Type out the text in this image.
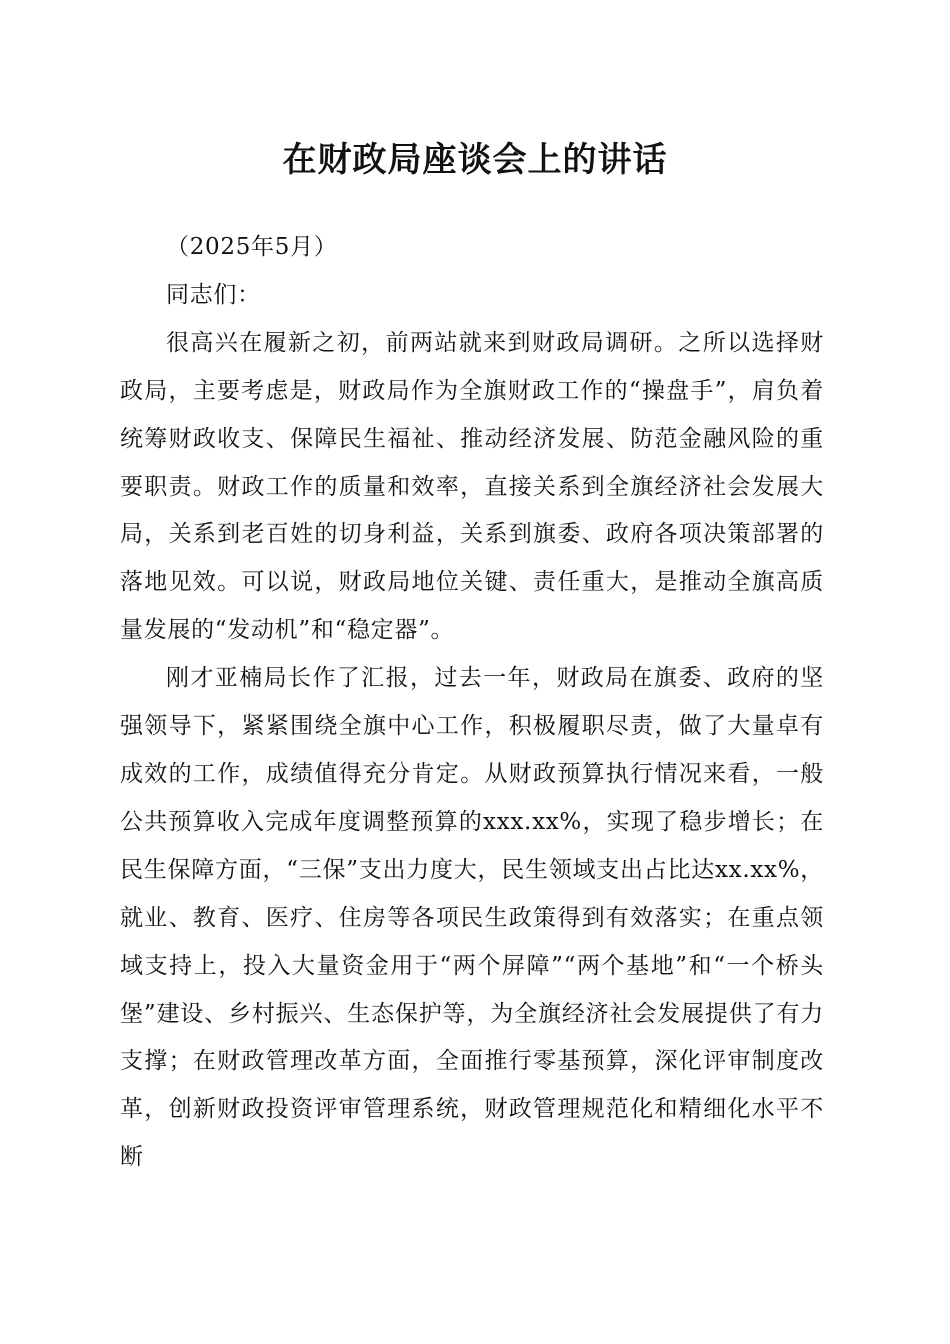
在财政局座谈会上的讲话

（2025年5月）

同志们：

很高兴在履新之初，前两站就来到财政局调研。之所以选择财政局，主要考虑是，财政局作为全旗财政工作的“操盘手”，肩负着统筹财政收支、保障民生福祉、推动经济发展、防范金融风险的重要职责。财政工作的质量和效率，直接关系到全旗经济社会发展大局，关系到老百姓的切身利益，关系到旗委、政府各项决策部署的落地见效。可以说，财政局地位关键、责任重大，是推动全旗高质量发展的“发动机”和“稳定器”。

刚才亚楠局长作了汇报，过去一年，财政局在旗委、政府的坚强领导下，紧紧围绕全旗中心工作，积极履职尽责，做了大量卓有成效的工作，成绩值得充分肯定。从财政预算执行情况来看，一般公共预算收入完成年度调整预算的xxx.xx%，实现了稳步增长；在民生保障方面，“三保”支出力度大，民生领域支出占比达xx.xx%，就业、教育、医疗、住房等各项民生政策得到有效落实；在重点领域支持上，投入大量资金用于“两个屏障”“两个基地”和“一个桥头堡”建设、乡村振兴、生态保护等，为全旗经济社会发展提供了有力支撑；在财政管理改革方面，全面推行零基预算，深化评审制度改革，创新财政投资评审管理系统，财政管理规范化和精细化水平不断
